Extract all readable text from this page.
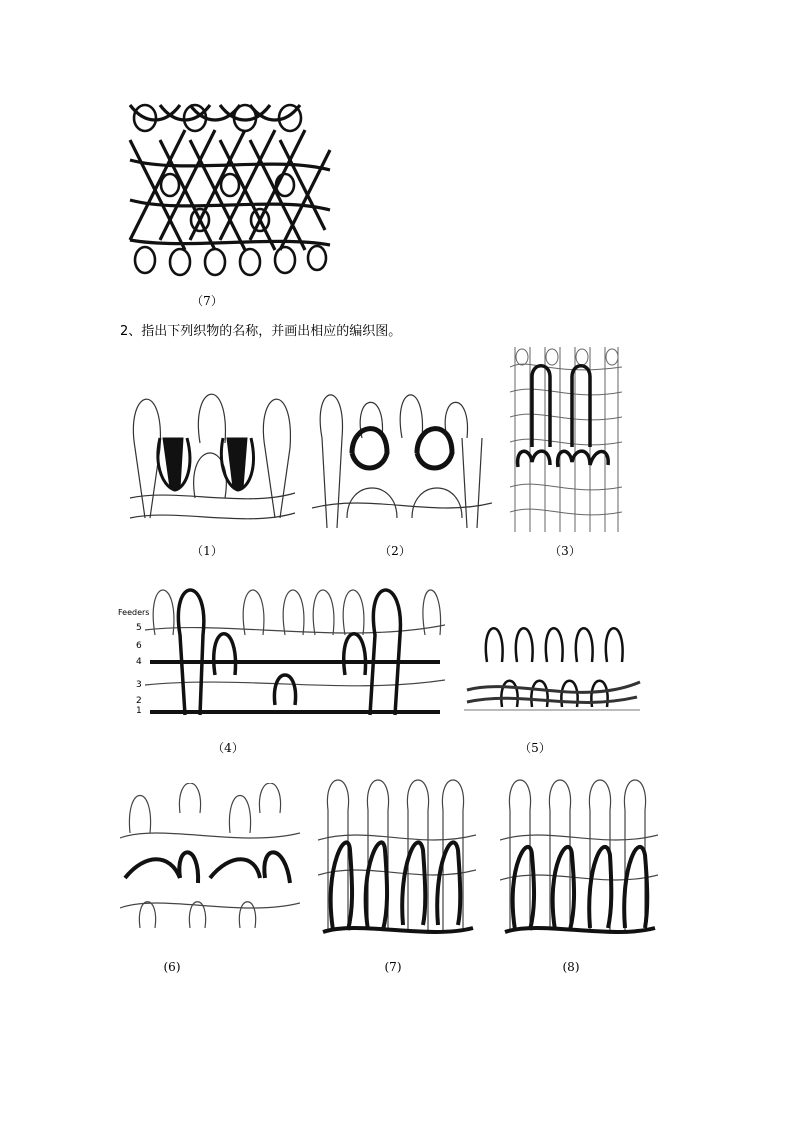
（7）
2、指出下列织物的名称，并画出相应的编织图。
（1）	（2）	（3）
Feeders
5
6
4
3
2
1
（4）	（5）
(6)	(7)	(8)
